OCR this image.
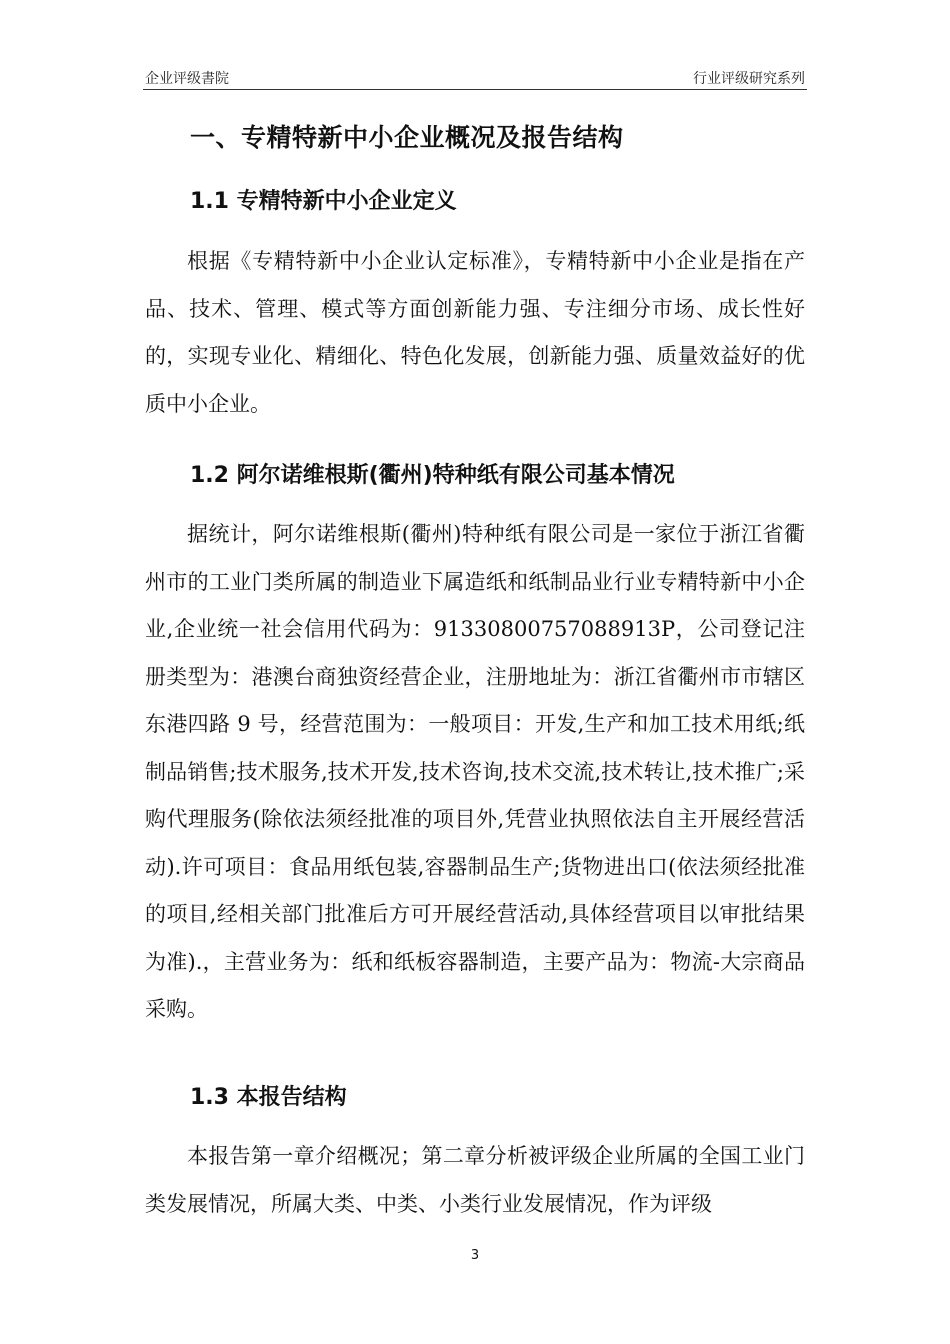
企业评级書院	行业评级研究系列
一、专精特新中小企业概况及报告结构
1.1 专精特新中小企业定义

根据《专精特新中小企业认定标准》，专精特新中小企业是指在产品、技术、管理、模式等方面创新能力强、专注细分市场、成长性好的，实现专业化、精细化、特色化发展，创新能力强、质量效益好的优质中小企业。

1.2 阿尔诺维根斯(衢州)特种纸有限公司基本情况

据统计，阿尔诺维根斯(衢州)特种纸有限公司是一家位于浙江省衢州市的工业门类所属的制造业下属造纸和纸制品业行业专精特新中小企业,企业统一社会信用代码为：91330800757088913P，公司登记注册类型为：港澳台商独资经营企业，注册地址为：浙江省衢州市市辖区东港四路 9 号，经营范围为：一般项目：开发,生产和加工技术用纸;纸制品销售;技术服务,技术开发,技术咨询,技术交流,技术转让,技术推广;采购代理服务(除依法须经批准的项目外,凭营业执照依法自主开展经营活动).许可项目：食品用纸包装,容器制品生产;货物进出口(依法须经批准的项目,经相关部门批准后方可开展经营活动,具体经营项目以审批结果为准).，主营业务为：纸和纸板容器制造，主要产品为：物流-大宗商品采购。

1.3 本报告结构

本报告第一章介绍概况；第二章分析被评级企业所属的全国工业门类发展情况，所属大类、中类、小类行业发展情况，作为评级

3
